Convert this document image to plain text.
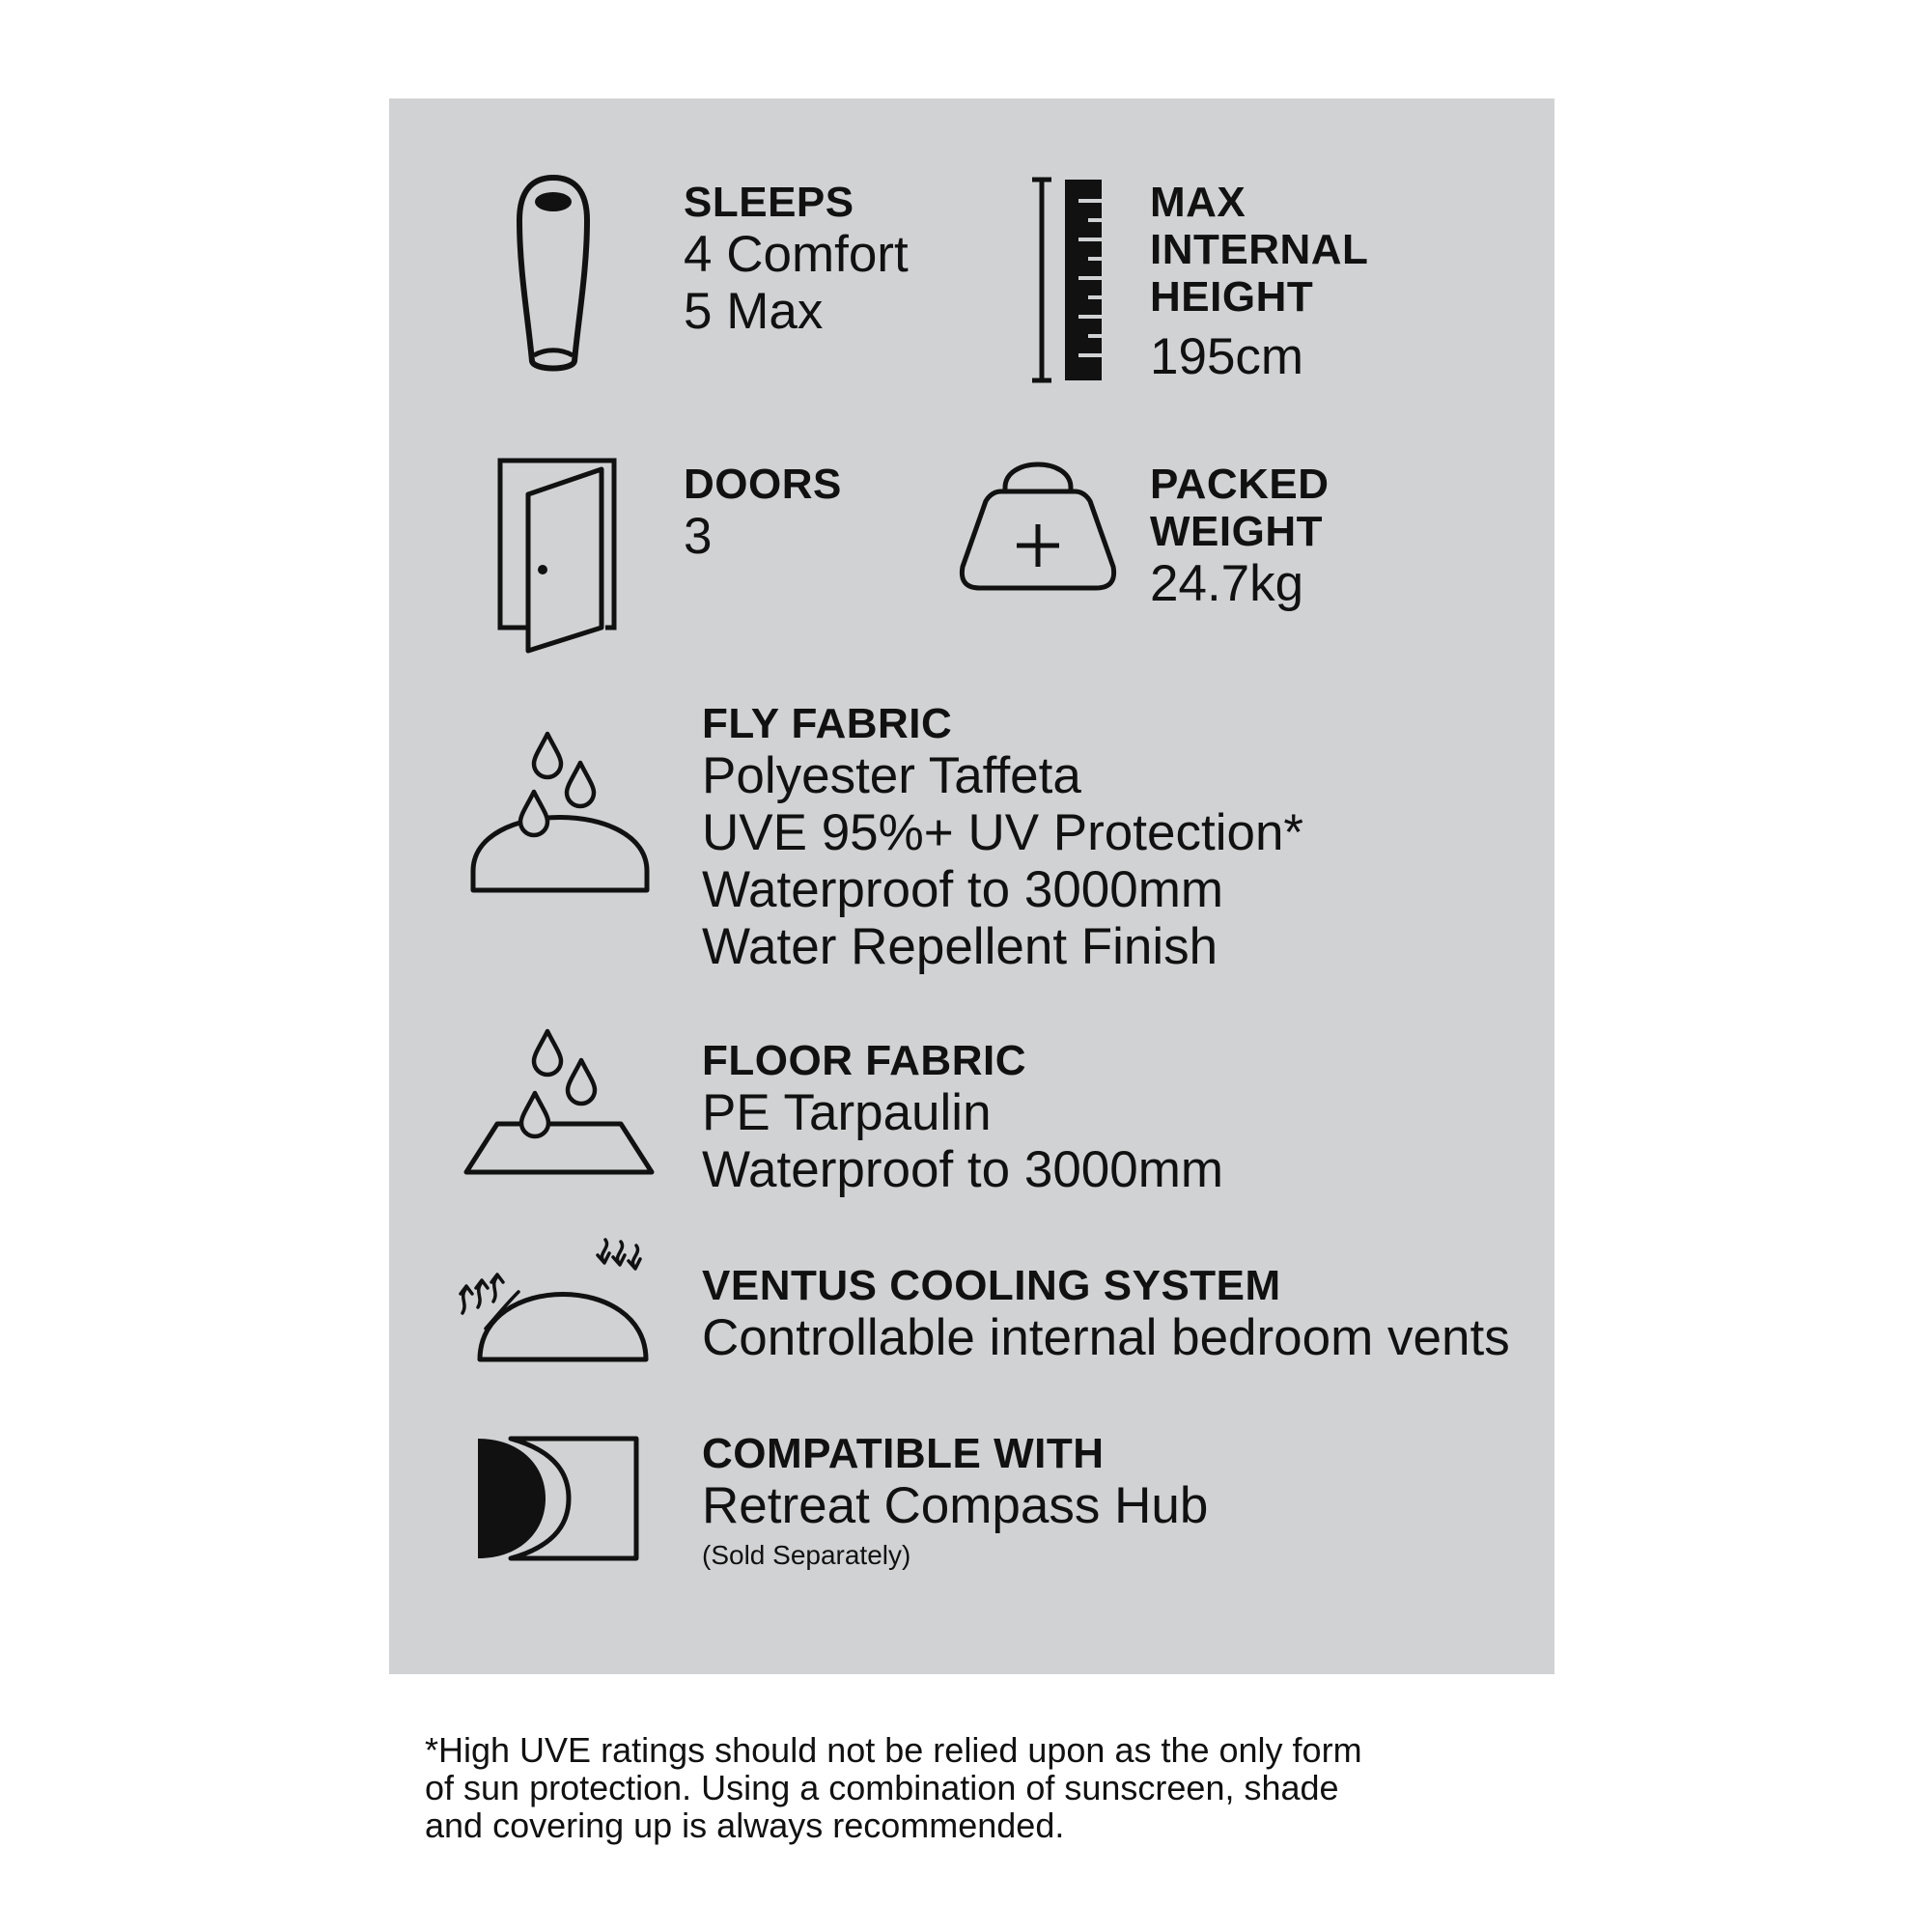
SLEEPS
4 Comfort
5 Max
MAX
INTERNAL
HEIGHT
195cm
DOORS
3
PACKED
WEIGHT
24.7kg
FLY FABRIC
Polyester Taffeta
UVE 95%+ UV Protection*
Waterproof to 3000mm
Water Repellent Finish
FLOOR FABRIC
PE Tarpaulin
Waterproof to 3000mm
VENTUS COOLING SYSTEM
Controllable internal bedroom vents
COMPATIBLE WITH
Retreat Compass Hub
(Sold Separately)
*High UVE ratings should not be relied upon as the only form
of sun protection. Using a combination of sunscreen, shade
and covering up is always recommended.
